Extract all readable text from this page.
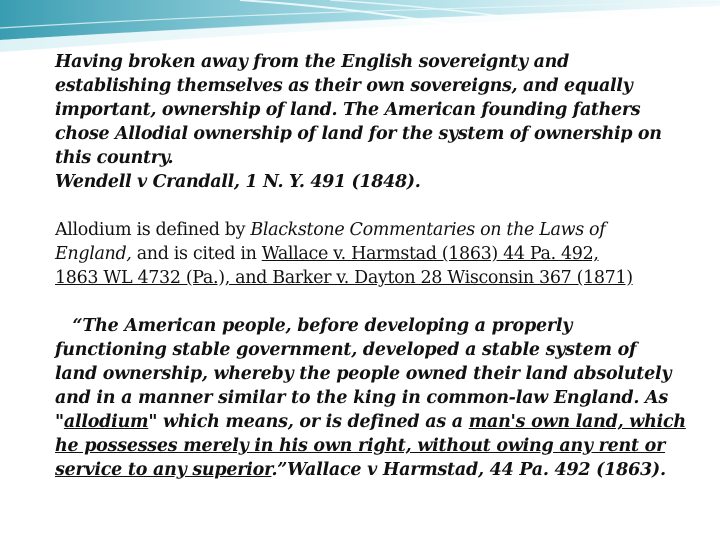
Having broken away from the English sovereignty and
establishing themselves as their own sovereigns, and equally
important, ownership of land. The American founding fathers
chose Allodial ownership of land for the system of ownership on
this country.
Wendell v Crandall, 1 N. Y. 491 (1848).
Allodium is defined by Blackstone Commentaries on the Laws of
England, and is cited in Wallace v. Harmstad (1863) 44 Pa. 492,
1863 WL 4732 (Pa.), and Barker v. Dayton 28 Wisconsin 367 (1871)
“The American people, before developing a properly
functioning stable government, developed a stable system of
land ownership, whereby the people owned their land absolutely
and in a manner similar to the king in common-law England. As
"allodium" which means, or is defined as a man's own land, which
he possesses merely in his own right, without owing any rent or
service to any superior.”Wallace v Harmstad, 44 Pa. 492 (1863).
